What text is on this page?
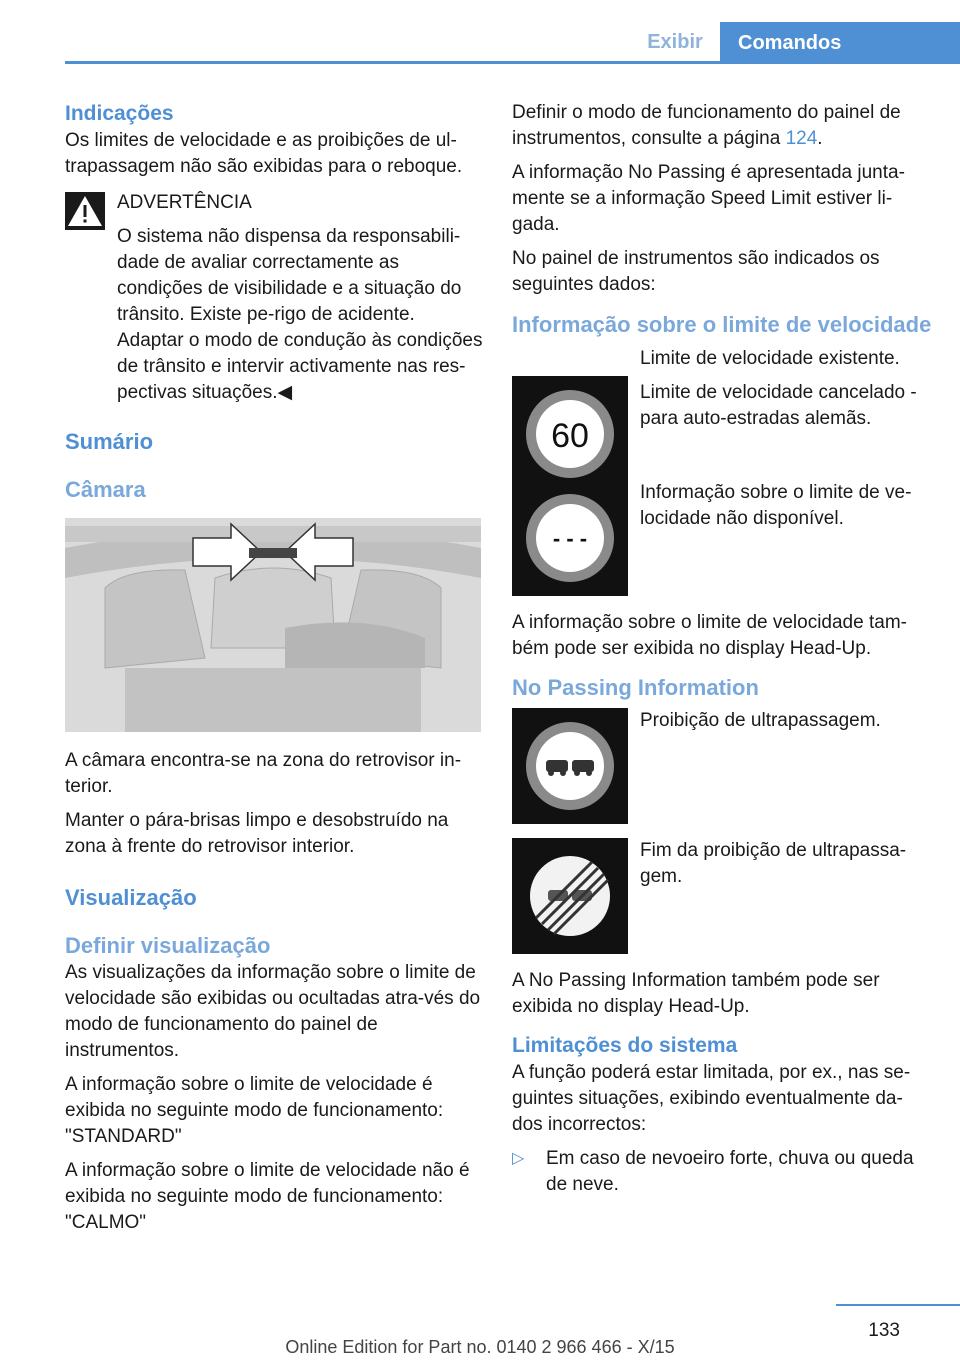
Exibir	Comandos
Indicações

Os limites de velocidade e as proibições de ul-trapassagem não são exibidas para o reboque.

ADVERTÊNCIA

O sistema não dispensa da responsabili-dade de avaliar correctamente as condições de visibilidade e a situação do trânsito. Existe pe-rigo de acidente. Adaptar o modo de condução às condições de trânsito e intervir activamente nas res-pectivas situações.◀

Sumário
Câmara

A câmara encontra-se na zona do retrovisor in-terior.

Manter o pára-brisas limpo e desobstruído na zona à frente do retrovisor interior.

Visualização
Definir visualização

As visualizações da informação sobre o limite de velocidade são exibidas ou ocultadas atra-vés do modo de funcionamento do painel de instrumentos.

A informação sobre o limite de velocidade é exibida no seguinte modo de funcionamento: "STANDARD"

A informação sobre o limite de velocidade não é exibida no seguinte modo de funcionamento: "CALMO"

Definir o modo de funcionamento do painel de instrumentos, consulte a página 124.

A informação No Passing é apresentada junta-mente se a informação Speed Limit estiver li-gada.

No painel de instrumentos são indicados os seguintes dados:

Informação sobre o limite de velocidade
60

Limite de velocidade existente.

Limite de velocidade cancelado - para auto-estradas alemãs.

- - -

Informação sobre o limite de ve-locidade não disponível.

A informação sobre o limite de velocidade tam-bém pode ser exibida no display Head-Up.

No Passing Information

Proibição de ultrapassagem.

Fim da proibição de ultrapassa-gem.

A No Passing Information também pode ser exibida no display Head-Up.

Limitações do sistema

A função poderá estar limitada, por ex., nas se-guintes situações, exibindo eventualmente da-dos incorrectos:

▷ Em caso de nevoeiro forte, chuva ou queda de neve.
133
Online Edition for Part no. 0140 2 966 466 - X/15
